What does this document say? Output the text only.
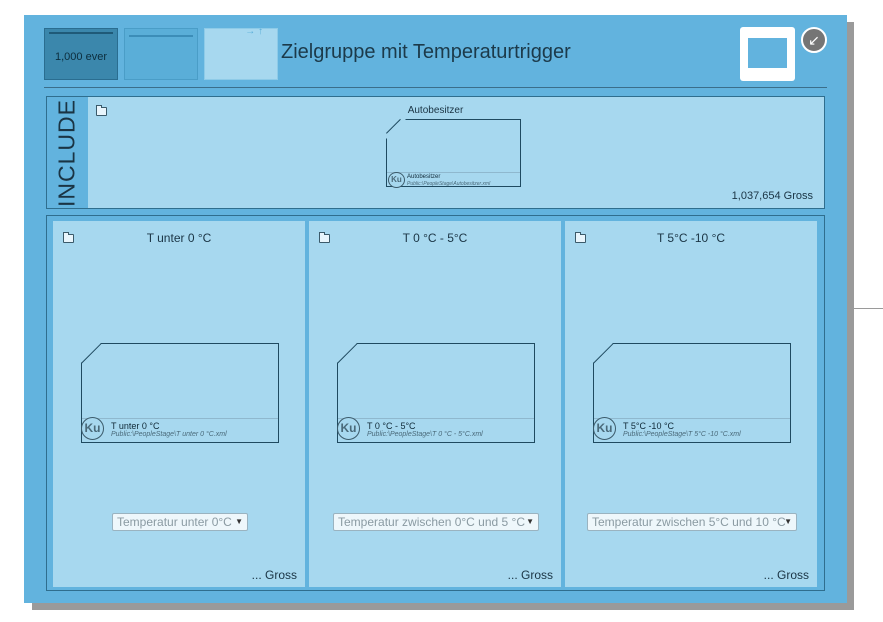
1,000 ever
→ ↑
Zielgruppe mit Temperaturtrigger
↙
INCLUDE	Autobesitzer
Ku Autobesitzer
Public:\PeopleStage\Autobesitzer.xml
1,037,654 Gross
T unter 0 °C
Ku	T unter 0 °C
Public:\PeopleStage\T unter 0 °C.xml
Temperatur unter 0°C ▼
... Gross
T 0 °C - 5°C
Ku	T 0 °C - 5°C
Public:\PeopleStage\T 0 °C - 5°C.xml
Temperatur zwischen 0°C und 5 °C ▼
... Gross
T 5°C -10 °C
Ku	T 5°C -10 °C
Public:\PeopleStage\T 5°C -10 °C.xml
Temperatur zwischen 5°C und 10 °C
▼
... Gross
